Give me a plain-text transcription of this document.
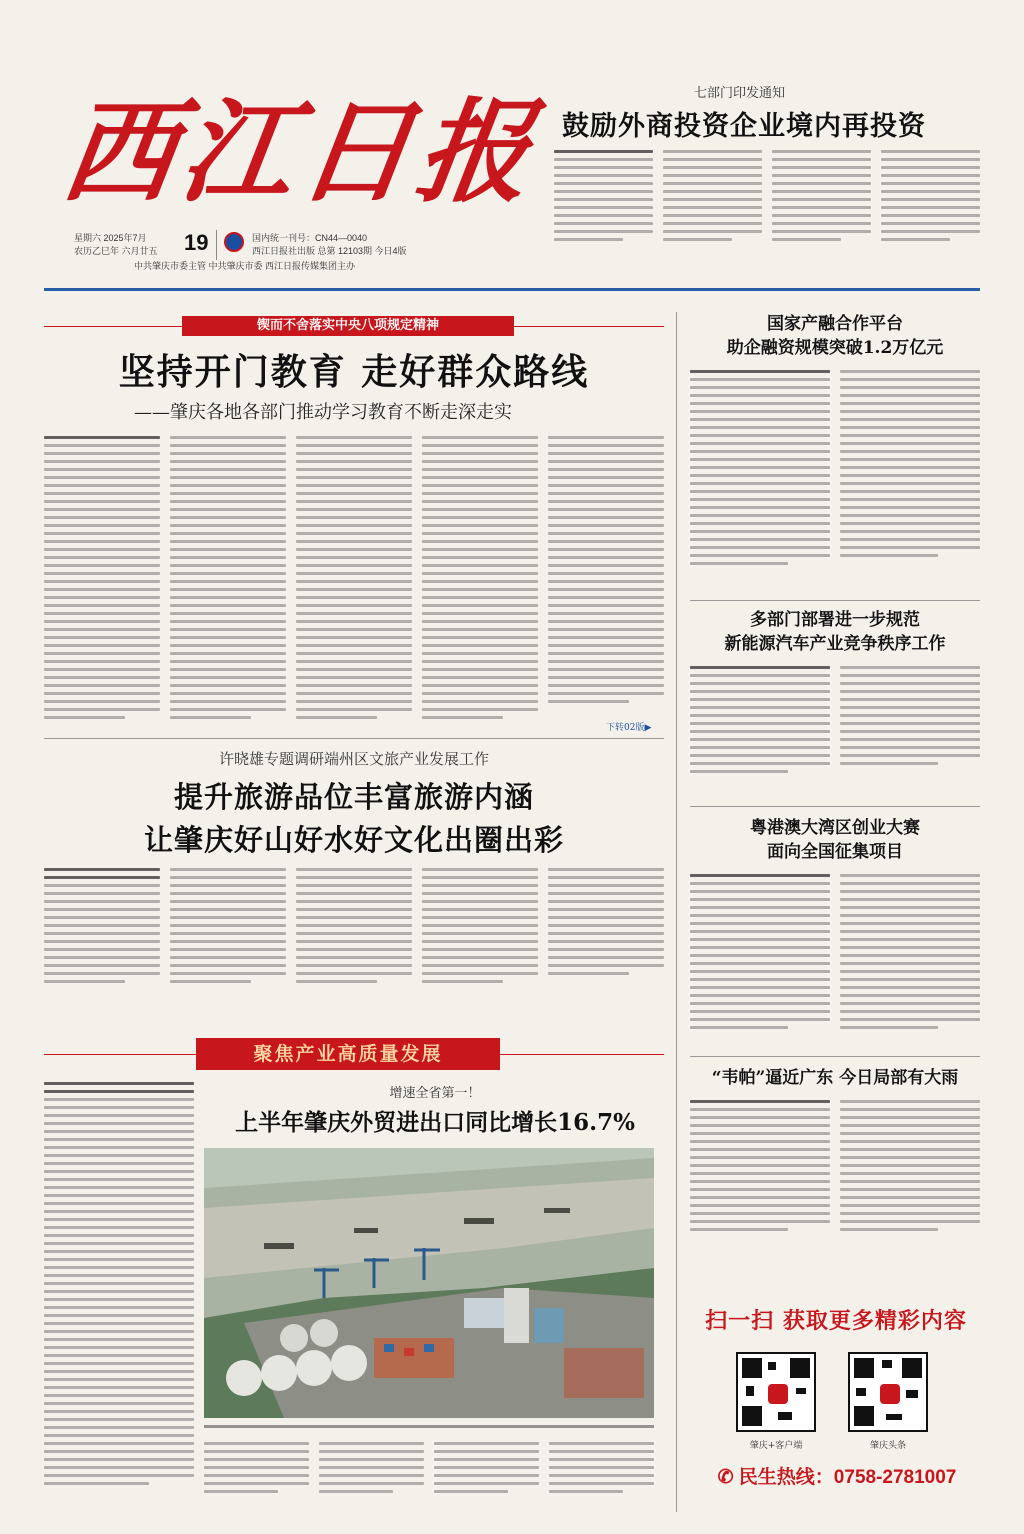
西江日报
星期六 2025年7月
农历乙巳年 六月廿五 19	国内统一刊号：CN44—0040
西江日报社出版 总第 12103期 今日4版
中共肇庆市委主管 中共肇庆市委 西江日报传媒集团主办
七部门印发通知
鼓励外商投资企业境内再投资
锲而不舍落实中央八项规定精神
坚持开门教育 走好群众路线
——肇庆各地各部门推动学习教育不断走深走实
下转02版▶
许晓雄专题调研端州区文旅产业发展工作
提升旅游品位丰富旅游内涵
让肇庆好山好水好文化出圈出彩
聚焦产业高质量发展
增速全省第一！
上半年肇庆外贸进出口同比增长16.7%
国家产融合作平台
助企融资规模突破1.2万亿元
多部门部署进一步规范
新能源汽车产业竞争秩序工作
粤港澳大湾区创业大赛
面向全国征集项目
“韦帕”逼近广东 今日局部有大雨
扫一扫 获取更多精彩内容
肇庆+客户端	肇庆头条
✆ 民生热线：0758-2781007
